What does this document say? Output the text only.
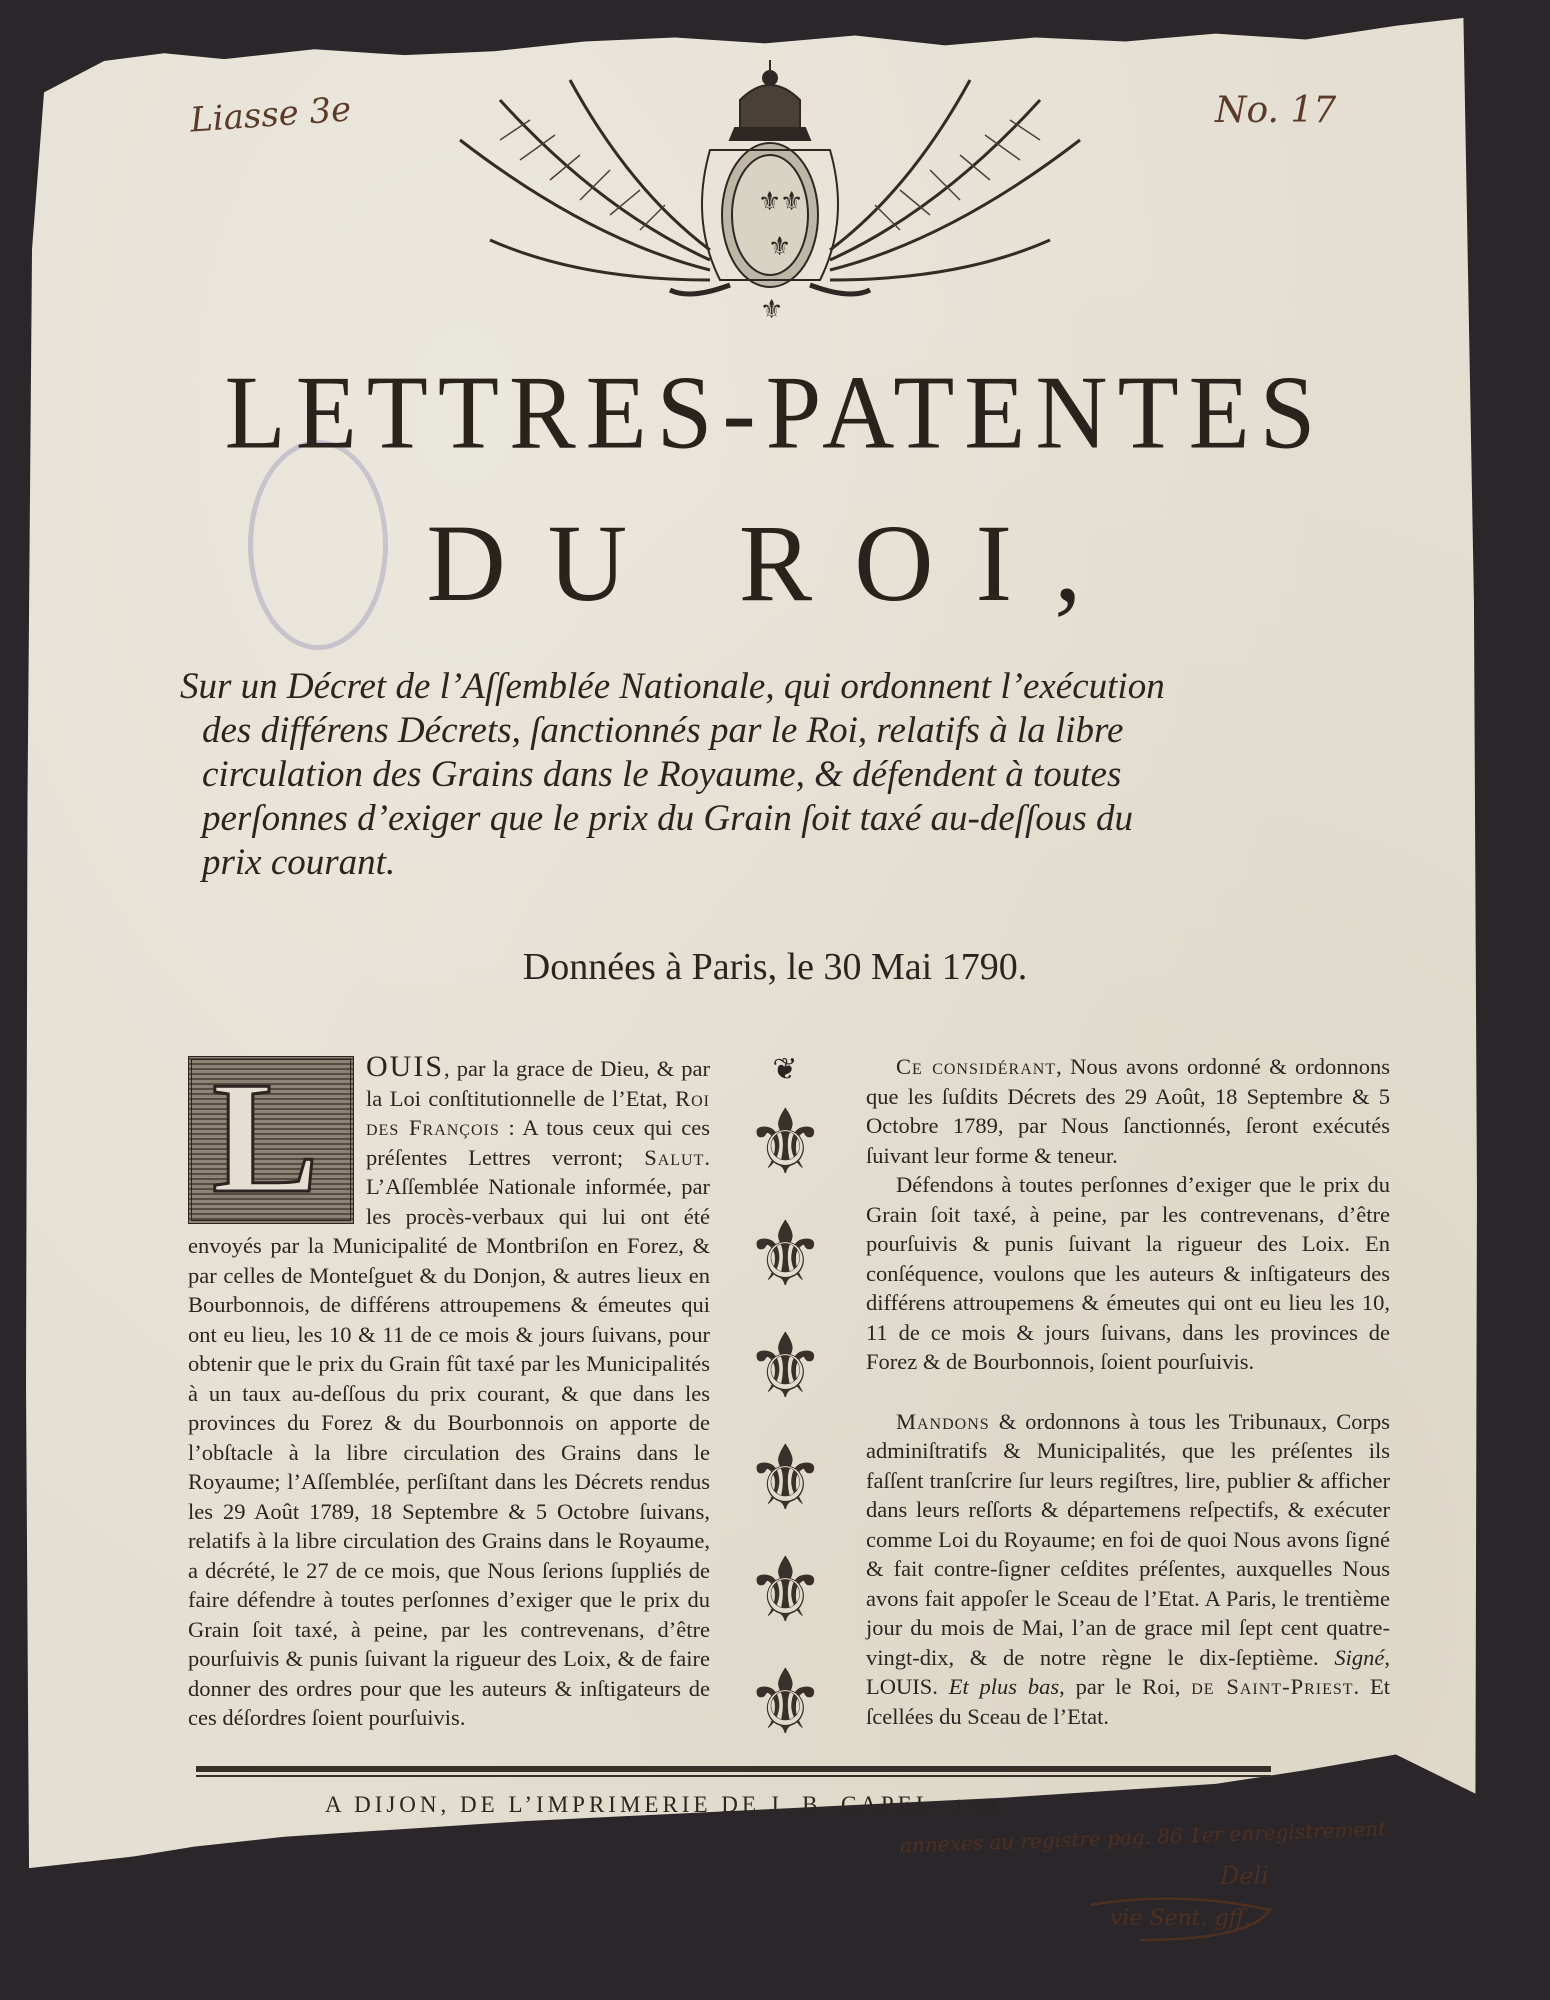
Liasse 3e	No. 17
⚜
⚜
⚜
⚜
LETTRES-PATENTES
DU ROI,
Sur un Décret de l’Aſſemblée Nationale, qui ordonnent l’exécution
des différens Décrets, ſanctionnés par le Roi, relatifs à la libre
circulation des Grains dans le Royaume, & défendent à toutes
perſonnes d’exiger que le prix du Grain ſoit taxé au-deſſous du
prix courant.
Données à Paris, le 30 Mai 1790.
L	OUIS, par la grace de Dieu, & par la Loi conſtitutionnelle de l’Etat, Roi des François : A tous ceux qui ces préſentes Lettres verront; Salut. L’Aſſemblée Nationale informée, par les procès-verbaux qui lui ont été envoyés par la Municipalité de Montbriſon en Forez, & par celles de Monteſguet & du Donjon, & autres lieux en Bourbonnois, de différens attroupemens & émeutes qui ont eu lieu, les 10 & 11 de ce mois & jours ſuivans, pour obtenir que le prix du Grain fût taxé par les Municipalités à un taux au-deſſous du prix courant, & que dans les provinces du Forez & du Bourbonnois on apporte de l’obſtacle à la libre circulation des Grains dans le Royaume; l’Aſſemblée, perſiſtant dans les Décrets rendus les 29 Août 1789, 18 Septembre & 5 Octobre ſuivans, relatifs à la libre circulation des Grains dans le Royaume, a décrété, le 27 de ce mois, que Nous ſerions ſuppliés de faire défendre à toutes perſonnes d’exiger que le prix du Grain ſoit taxé, à peine, par les contrevenans, d’être pourſuivis & punis ſuivant la rigueur des Loix, & de faire donner des ordres pour que les auteurs & inſtigateurs de ces déſordres ſoient pourſuivis.

❦
⚜
⚜
⚜
⚜
⚜
⚜

Ce considérant, Nous avons ordonné & ordonnons que les ſuſdits Décrets des 29 Août, 18 Septembre & 5 Octobre 1789, par Nous ſanctionnés, ſeront exécutés ſuivant leur forme & teneur.

Défendons à toutes perſonnes d’exiger que le prix du Grain ſoit taxé, à peine, par les contrevenans, d’être pourſuivis & punis ſuivant la rigueur des Loix. En conſéquence, voulons que les auteurs & inſtigateurs des différens attroupemens & émeutes qui ont eu lieu les 10, 11 de ce mois & jours ſuivans, dans les provinces de Forez & de Bourbonnois, ſoient pourſuivis.

Mandons & ordonnons à tous les Tribunaux, Corps adminiſtratifs & Municipalités, que les préſentes ils faſſent tranſcrire ſur leurs regiſtres, lire, publier & afficher dans leurs reſſorts & départemens reſpectifs, & exécuter comme Loi du Royaume; en foi de quoi Nous avons ſigné & fait contre-ſigner ceſdites préſentes, auxquelles Nous avons fait appoſer le Sceau de l’Etat. A Paris, le trentième jour du mois de Mai, l’an de grace mil ſept cent quatre-vingt-dix, & de notre règne le dix-ſeptième. Signé, LOUIS. Et plus bas, par le Roi, de Saint-Priest. Et ſcellées du Sceau de l’Etat.

A DIJON, DE L’IMPRIMERIE DE J. B. CAPEL. 1790.
annexes au registre pag. 86 1er enregistrement
Deli
vie Sent. gff.
